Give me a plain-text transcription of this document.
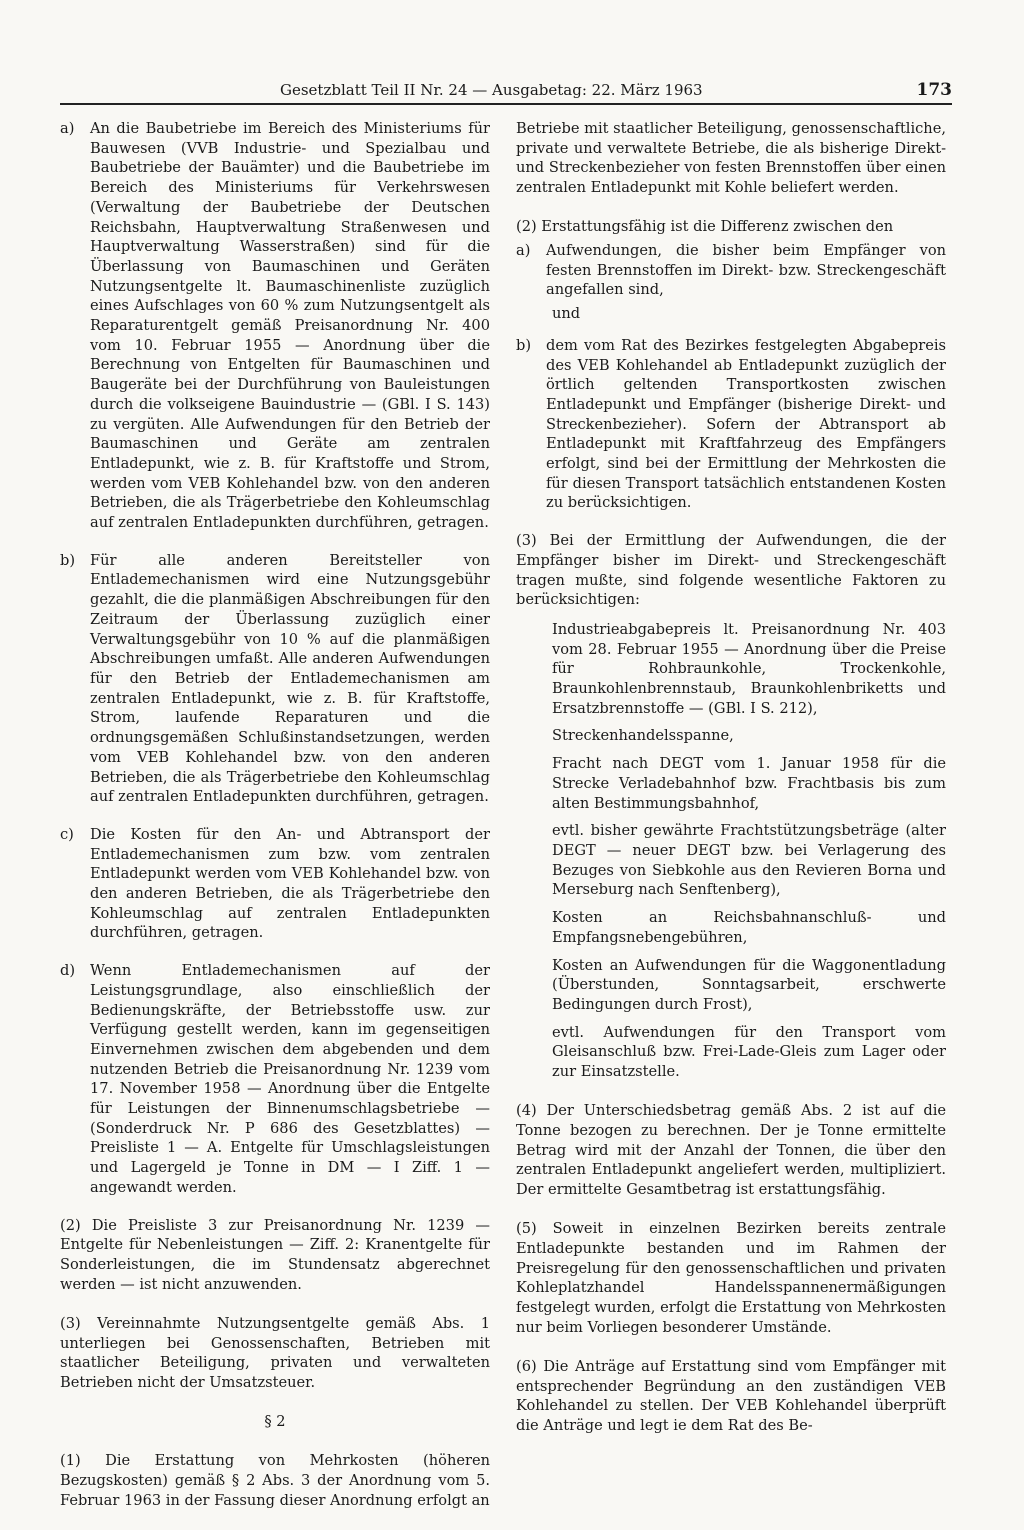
Gesetzblatt Teil II Nr. 24 — Ausgabetag: 22. März 1963	173
a)	An die Baubetriebe im Bereich des Ministeriums für Bauwesen (VVB Industrie- und Spezialbau und Baubetriebe der Bauämter) und die Baubetriebe im Bereich des Ministeriums für Verkehrswesen (Verwaltung der Baubetriebe der Deutschen Reichsbahn, Hauptverwaltung Straßenwesen und Hauptverwaltung Wasserstraßen) sind für die Überlassung von Baumaschinen und Geräten Nutzungsentgelte lt. Baumaschinenliste zuzüglich eines Aufschlages von 60 % zum Nutzungsentgelt als Reparaturentgelt gemäß Preisanordnung Nr. 400 vom 10. Februar 1955 — Anordnung über die Berechnung von Entgelten für Baumaschinen und Baugeräte bei der Durchführung von Bauleistungen durch die volkseigene Bauindustrie — (GBl. I S. 143) zu vergüten. Alle Aufwendungen für den Betrieb der Baumaschinen und Geräte am zentralen Entladepunkt, wie z. B. für Kraftstoffe und Strom, werden vom VEB Kohlehandel bzw. von den anderen Betrieben, die als Trägerbetriebe den Kohleumschlag auf zentralen Entladepunkten durchführen, getragen.

b)	Für alle anderen Bereitsteller von Entlademechanismen wird eine Nutzungsgebühr gezahlt, die die planmäßigen Abschreibungen für den Zeitraum der Überlassung zuzüglich einer Verwaltungsgebühr von 10 % auf die planmäßigen Abschreibungen umfaßt. Alle anderen Aufwendungen für den Betrieb der Entlademechanismen am zentralen Entladepunkt, wie z. B. für Kraftstoffe, Strom, laufende Reparaturen und die ordnungsgemäßen Schlußinstandsetzungen, werden vom VEB Kohlehandel bzw. von den anderen Betrieben, die als Trägerbetriebe den Kohleumschlag auf zentralen Entladepunkten durchführen, getragen.

c)	Die Kosten für den An- und Abtransport der Entlademechanismen zum bzw. vom zentralen Entladepunkt werden vom VEB Kohlehandel bzw. von den anderen Betrieben, die als Trägerbetriebe den Kohleumschlag auf zentralen Entladepunkten durchführen, getragen.

d)	Wenn Entlademechanismen auf der Leistungsgrundlage, also einschließlich der Bedienungskräfte, der Betriebsstoffe usw. zur Verfügung gestellt werden, kann im gegenseitigen Einvernehmen zwischen dem abgebenden und dem nutzenden Betrieb die Preisanordnung Nr. 1239 vom 17. November 1958 — Anordnung über die Entgelte für Leistungen der Binnenumschlagsbetriebe — (Sonderdruck Nr. P 686 des Gesetzblattes) — Preisliste 1 — A. Entgelte für Umschlagsleistungen und Lagergeld je Tonne in DM — I Ziff. 1 — angewandt werden.

(2) Die Preisliste 3 zur Preisanordnung Nr. 1239 — Entgelte für Nebenleistungen — Ziff. 2: Kranentgelte für Sonderleistungen, die im Stundensatz abgerechnet werden — ist nicht anzuwenden.

(3) Vereinnahmte Nutzungsentgelte gemäß Abs. 1 unterliegen bei Genossenschaften, Betrieben mit staatlicher Beteiligung, privaten und verwalteten Betrieben nicht der Umsatzsteuer.

§ 2

(1) Die Erstattung von Mehrkosten (höheren Bezugskosten) gemäß § 2 Abs. 3 der Anordnung vom 5. Februar 1963 in der Fassung dieser Anordnung erfolgt an

Betriebe mit staatlicher Beteiligung, genossenschaftliche, private und verwaltete Betriebe, die als bisherige Direkt- und Streckenbezieher von festen Brennstoffen über einen zentralen Entladepunkt mit Kohle beliefert werden.

(2) Erstattungsfähig ist die Differenz zwischen den

a)	Aufwendungen, die bisher beim Empfänger von festen Brennstoffen im Direkt- bzw. Streckengeschäft angefallen sind,

und

b)	dem vom Rat des Bezirkes festgelegten Abgabepreis des VEB Kohlehandel ab Entladepunkt zuzüglich der örtlich geltenden Transportkosten zwischen Entladepunkt und Empfänger (bisherige Direkt- und Streckenbezieher). Sofern der Abtransport ab Entladepunkt mit Kraftfahrzeug des Empfängers erfolgt, sind bei der Ermittlung der Mehrkosten die für diesen Transport tatsächlich entstandenen Kosten zu berücksichtigen.

(3) Bei der Ermittlung der Aufwendungen, die der Empfänger bisher im Direkt- und Streckengeschäft tragen mußte, sind folgende wesentliche Faktoren zu berücksichtigen:

Industrieabgabepreis lt. Preisanordnung Nr. 403 vom 28. Februar 1955 — Anordnung über die Preise für Rohbraunkohle, Trockenkohle, Braunkohlenbrennstaub, Braunkohlenbriketts und Ersatzbrennstoffe — (GBl. I S. 212),

Streckenhandelsspanne,

Fracht nach DEGT vom 1. Januar 1958 für die Strecke Verladebahnhof bzw. Frachtbasis bis zum alten Bestimmungsbahnhof,

evtl. bisher gewährte Frachtstützungsbeträge (alter DEGT — neuer DEGT bzw. bei Verlagerung des Bezuges von Siebkohle aus den Revieren Borna und Merseburg nach Senftenberg),

Kosten an Reichsbahnanschluß- und Empfangsnebengebühren,

Kosten an Aufwendungen für die Waggonentladung (Überstunden, Sonntagsarbeit, erschwerte Bedingungen durch Frost),

evtl. Aufwendungen für den Transport vom Gleisanschluß bzw. Frei-Lade-Gleis zum Lager oder zur Einsatzstelle.

(4) Der Unterschiedsbetrag gemäß Abs. 2 ist auf die Tonne bezogen zu berechnen. Der je Tonne ermittelte Betrag wird mit der Anzahl der Tonnen, die über den zentralen Entladepunkt angeliefert werden, multipliziert. Der ermittelte Gesamtbetrag ist erstattungsfähig.

(5) Soweit in einzelnen Bezirken bereits zentrale Entladepunkte bestanden und im Rahmen der Preisregelung für den genossenschaftlichen und privaten Kohleplatzhandel Handelsspannenermäßigungen festgelegt wurden, erfolgt die Erstattung von Mehrkosten nur beim Vorliegen besonderer Umstände.

(6) Die Anträge auf Erstattung sind vom Empfänger mit entsprechender Begründung an den zuständigen VEB Kohlehandel zu stellen. Der VEB Kohlehandel überprüft die Anträge und legt ie dem Rat des Be-
